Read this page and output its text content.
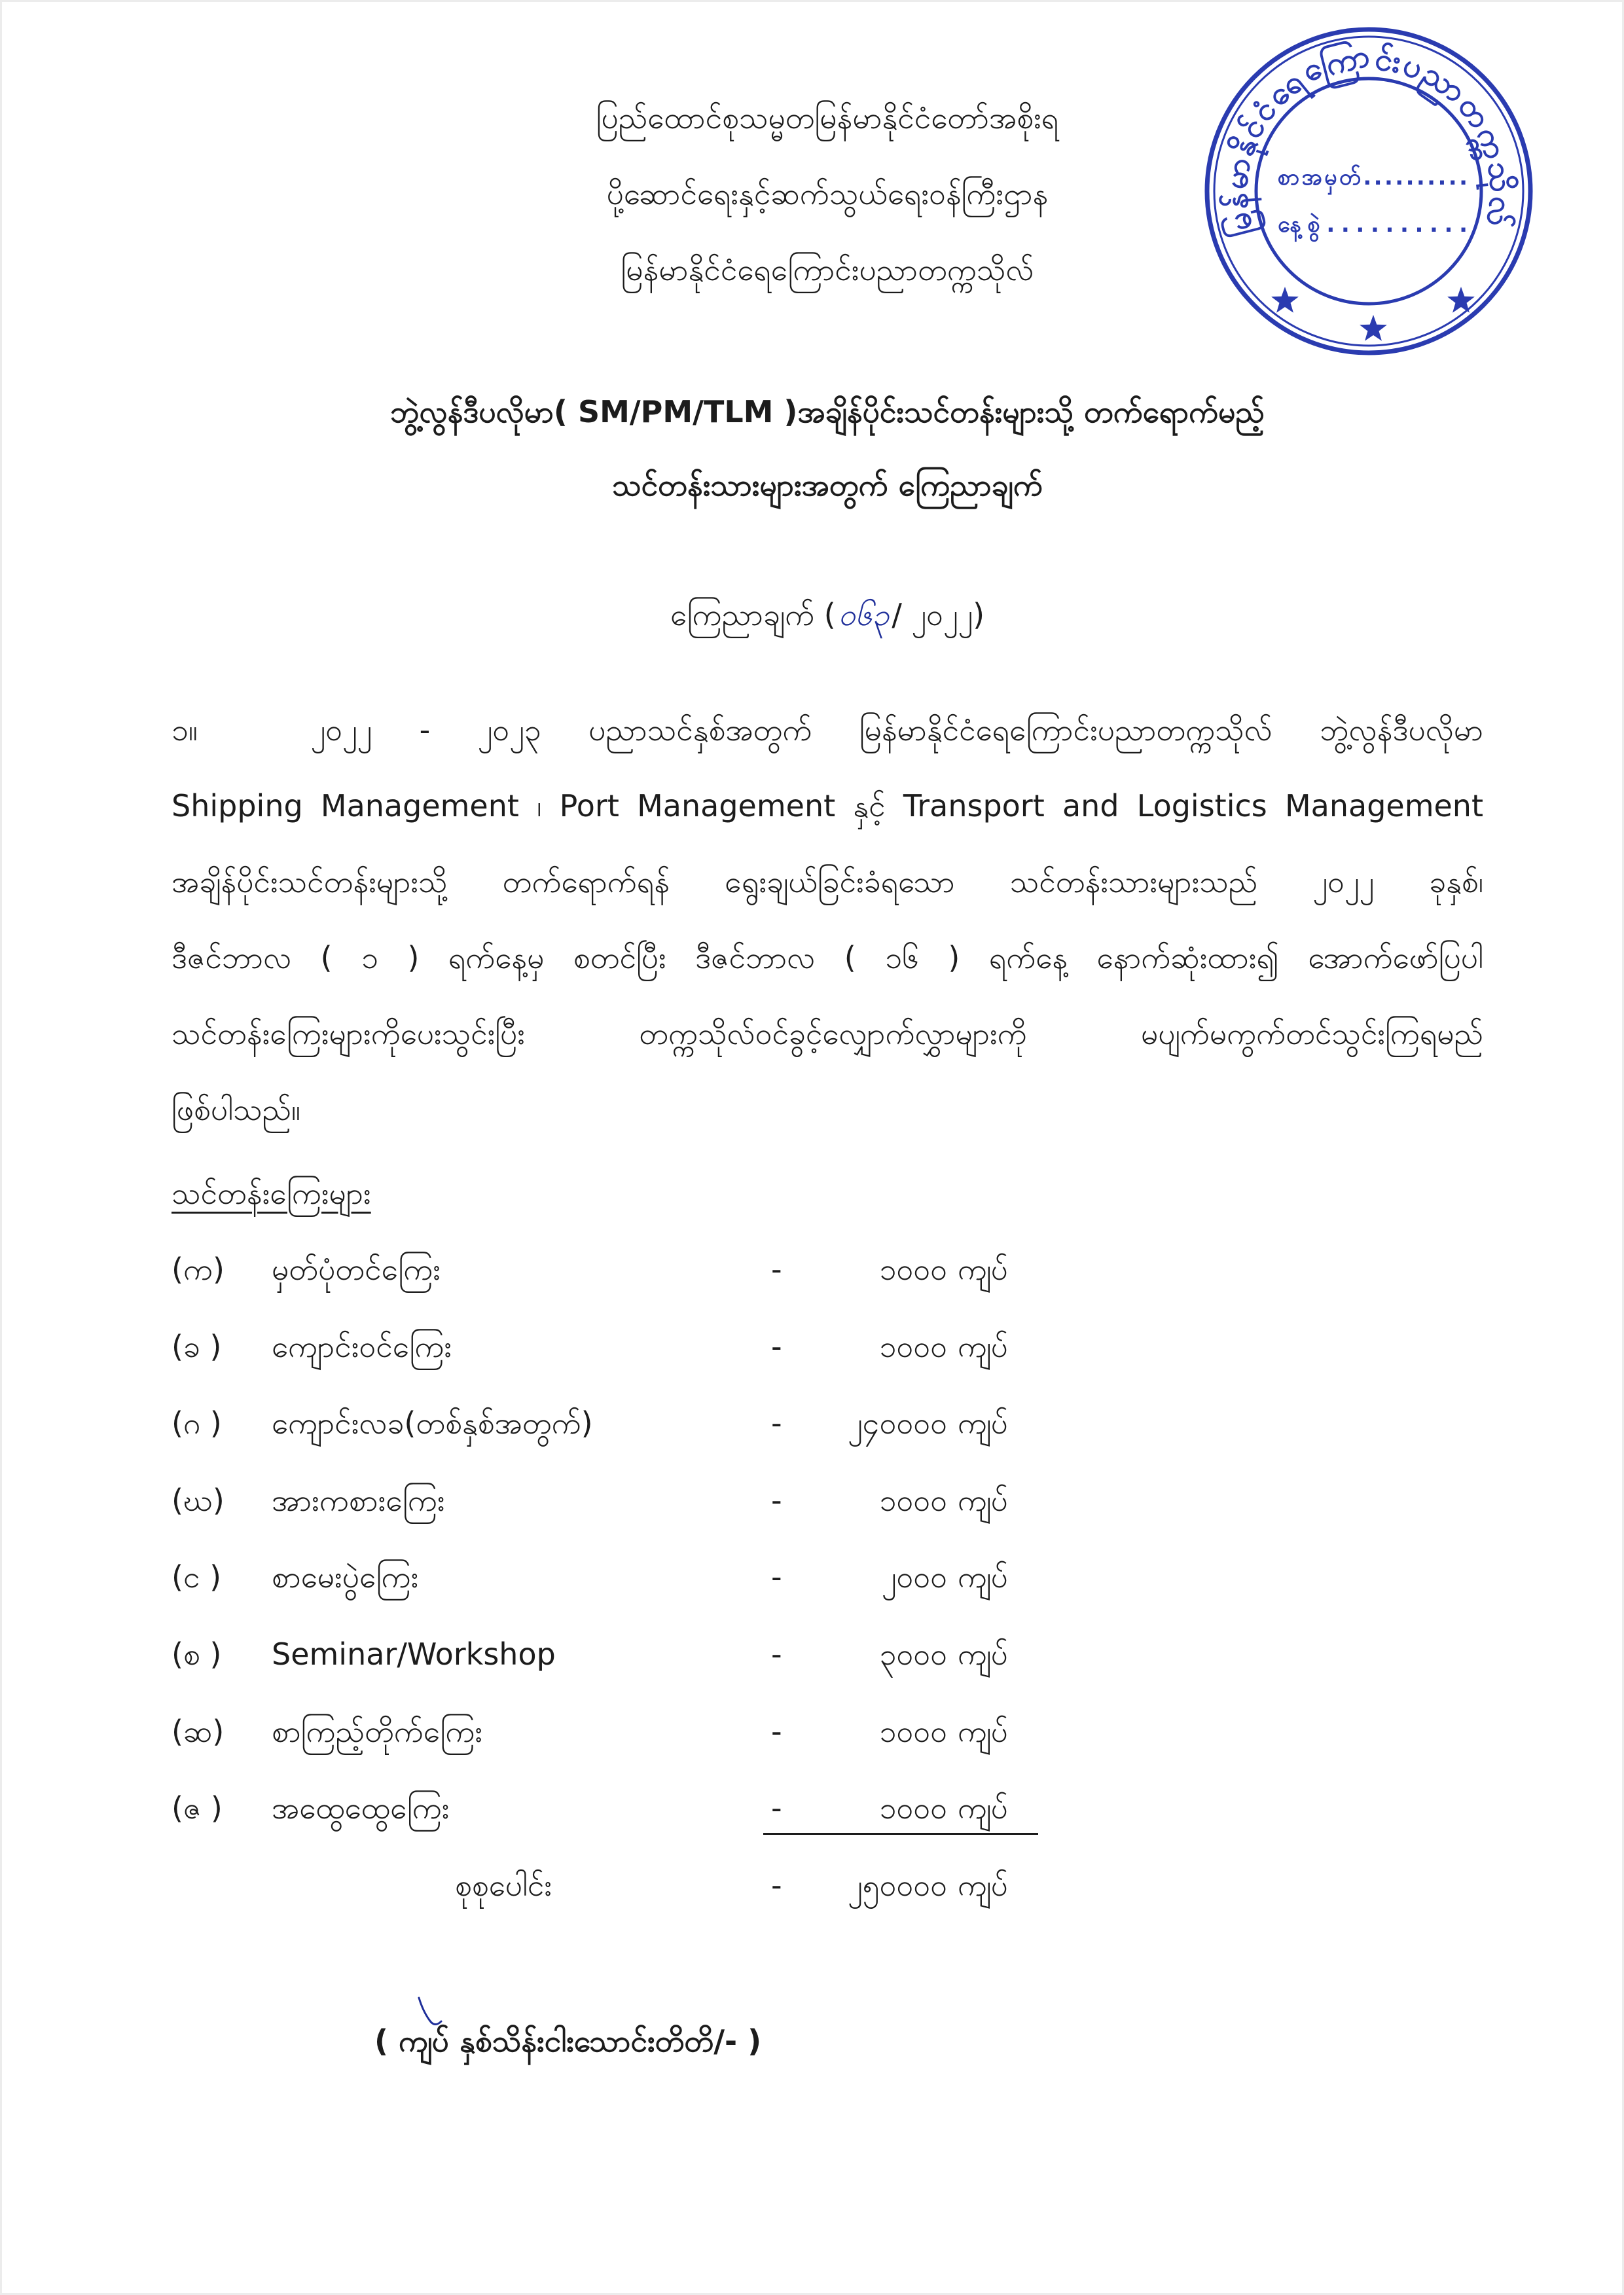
ပြည်ထောင်စုသမ္မတမြန်မာနိုင်ငံတော်အစိုးရ
ပို့ဆောင်ရေးနှင့်ဆက်သွယ်ရေးဝန်ကြီးဌာန
မြန်မာနိုင်ငံရေကြောင်းပညာတက္ကသိုလ်
မြန်မာနိုင်ငံရေကြောင်းပညာတက္ကသိုလ်
စာအမှတ်..........
နေ့စွဲ..........
ဘွဲ့လွန်ဒီပလိုမာ( SM/PM/TLM )အချိန်ပိုင်းသင်တန်းများသို့ တက်ရောက်မည့်
သင်တန်းသားများအတွက် ကြေညာချက်
ကြေညာချက် (၀၆၃/ ၂၀၂၂)
၁။	၂၀၂၂ - ၂၀၂၃ ပညာသင်နှစ်အတွက် မြန်မာနိုင်ငံရေကြောင်းပညာတက္ကသိုလ် ဘွဲ့လွန်ဒီပလိုမာ
Shipping Management ၊ Port Management နှင့် Transport and Logistics Management
အချိန်ပိုင်းသင်တန်းများသို့ တက်ရောက်ရန် ရွေးချယ်ခြင်းခံရသော သင်တန်းသားများသည် ၂၀၂၂ ခုနှစ်၊
ဒီဇင်ဘာလ ( ၁ ) ရက်နေ့မှ စတင်ပြီး ဒီဇင်ဘာလ ( ၁၆ ) ရက်နေ့ နောက်ဆုံးထား၍ အောက်ဖော်ပြပါ
သင်တန်းကြေးများကိုပေးသွင်းပြီး တက္ကသိုလ်ဝင်ခွင့်လျှောက်လွှာများကို မပျက်မကွက်တင်သွင်းကြရမည်
ဖြစ်ပါသည်။
သင်တန်းကြေးများ
(က)	မှတ်ပုံတင်ကြေး	-	၁၀၀၀ ကျပ်
(ခ )	ကျောင်းဝင်ကြေး	-	၁၀၀၀ ကျပ်
(ဂ )	ကျောင်းလခ(တစ်နှစ်အတွက်)	-	၂၄၀၀၀၀ ကျပ်
(ဃ)	အားကစားကြေး	-	၁၀၀၀ ကျပ်
(င )	စာမေးပွဲကြေး	-	၂၀၀၀ ကျပ်
(စ )	Seminar/Workshop	-	၃၀၀၀ ကျပ်
(ဆ)	စာကြည့်တိုက်ကြေး	-	၁၀၀၀ ကျပ်
(ဇ )	အထွေထွေကြေး	-	၁၀၀၀ ကျပ်
စုစုပေါင်း	-	၂၅၀၀၀၀ ကျပ်
( ကျပ် နှစ်သိန်းငါးသောင်းတိတိ/- )
